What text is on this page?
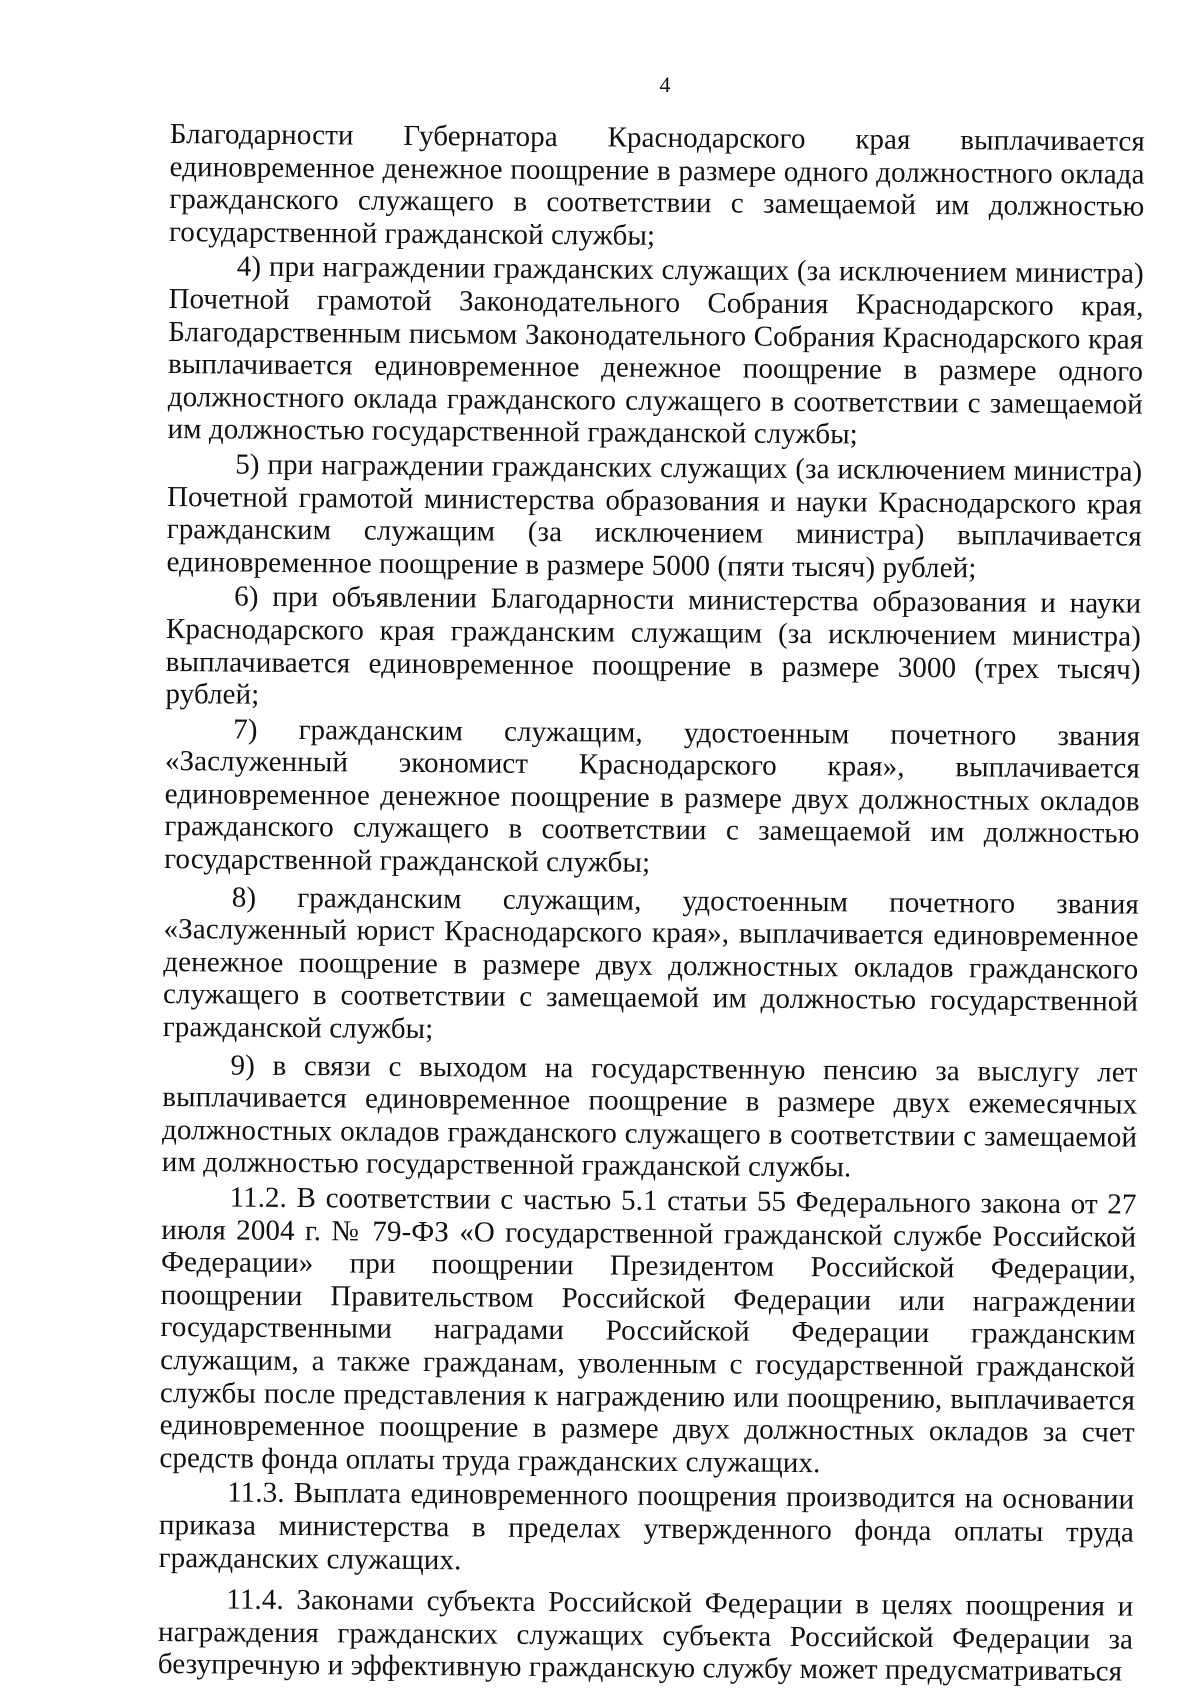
4

Благодарности Губернатора Краснодарского края выплачивается единовременное денежное поощрение в размере одного должностного оклада гражданского служащего в соответствии с замещаемой им должностью государственной гражданской службы;

4) при награждении гражданских служащих (за исключением министра) Почетной грамотой Законодательного Собрания Краснодарского края, Благодарственным письмом Законодательного Собрания Краснодарского края выплачивается единовременное денежное поощрение в размере одного должностного оклада гражданского служащего в соответствии с замещаемой им должностью государственной гражданской службы;

5) при награждении гражданских служащих (за исключением министра) Почетной грамотой министерства образования и науки Краснодарского края гражданским служащим (за исключением министра) выплачивается единовременное поощрение в размере 5000 (пяти тысяч) рублей;

6) при объявлении Благодарности министерства образования и науки Краснодарского края гражданским служащим (за исключением министра) выплачивается единовременное поощрение в размере 3000 (трех тысяч) рублей;

7) гражданским служащим, удостоенным почетного звания «Заслуженный экономист Краснодарского края», выплачивается единовременное денежное поощрение в размере двух должностных окладов гражданского служащего в соответствии с замещаемой им должностью государственной гражданской службы;

8) гражданским служащим, удостоенным почетного звания «Заслуженный юрист Краснодарского края», выплачивается единовременное денежное поощрение в размере двух должностных окладов гражданского служащего в соответствии с замещаемой им должностью государственной гражданской службы;

9) в связи с выходом на государственную пенсию за выслугу лет выплачивается единовременное поощрение в размере двух ежемесячных должностных окладов гражданского служащего в соответствии с замещаемой им должностью государственной гражданской службы.

11.2. В соответствии с частью 5.1 статьи 55 Федерального закона от 27 июля 2004 г. № 79-ФЗ «О государственной гражданской службе Российской Федерации» при поощрении Президентом Российской Федерации, поощрении Правительством Российской Федерации или награждении государственными наградами Российской Федерации гражданским служащим, а также гражданам, уволенным с государственной гражданской службы после представления к награждению или поощрению, выплачивается единовременное поощрение в размере двух должностных окладов за счет средств фонда оплаты труда гражданских служащих.

11.3. Выплата единовременного поощрения производится на основании приказа министерства в пределах утвержденного фонда оплаты труда гражданских служащих.

11.4. Законами субъекта Российской Федерации в целях поощрения и награждения гражданских служащих субъекта Российской Федерации за безупречную и эффективную гражданскую службу может предусматриваться
